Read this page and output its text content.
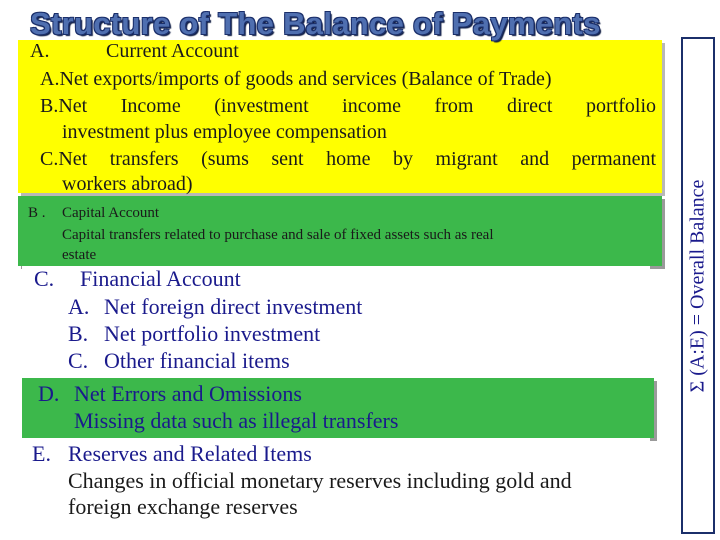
A.	Current Account
A.Net exports/imports of goods and services (Balance of Trade)
B.Net Income (investment income from direct portfolio
investment plus employee compensation
C.Net transfers (sums sent home by migrant and permanent
workers abroad)
B . Capital Account
Capital transfers related to purchase and sale of fixed assets such as real
estate
C. Financial Account
A. Net foreign direct investment
B. Net portfolio investment
C. Other financial items
D. Net Errors and Omissions
Missing data such as illegal transfers
E. Reserves and Related Items
Changes in official monetary reserves including gold and
foreign exchange reserves
Σ (A:E) = Overall Balance
Structure of The Balance of Payments
